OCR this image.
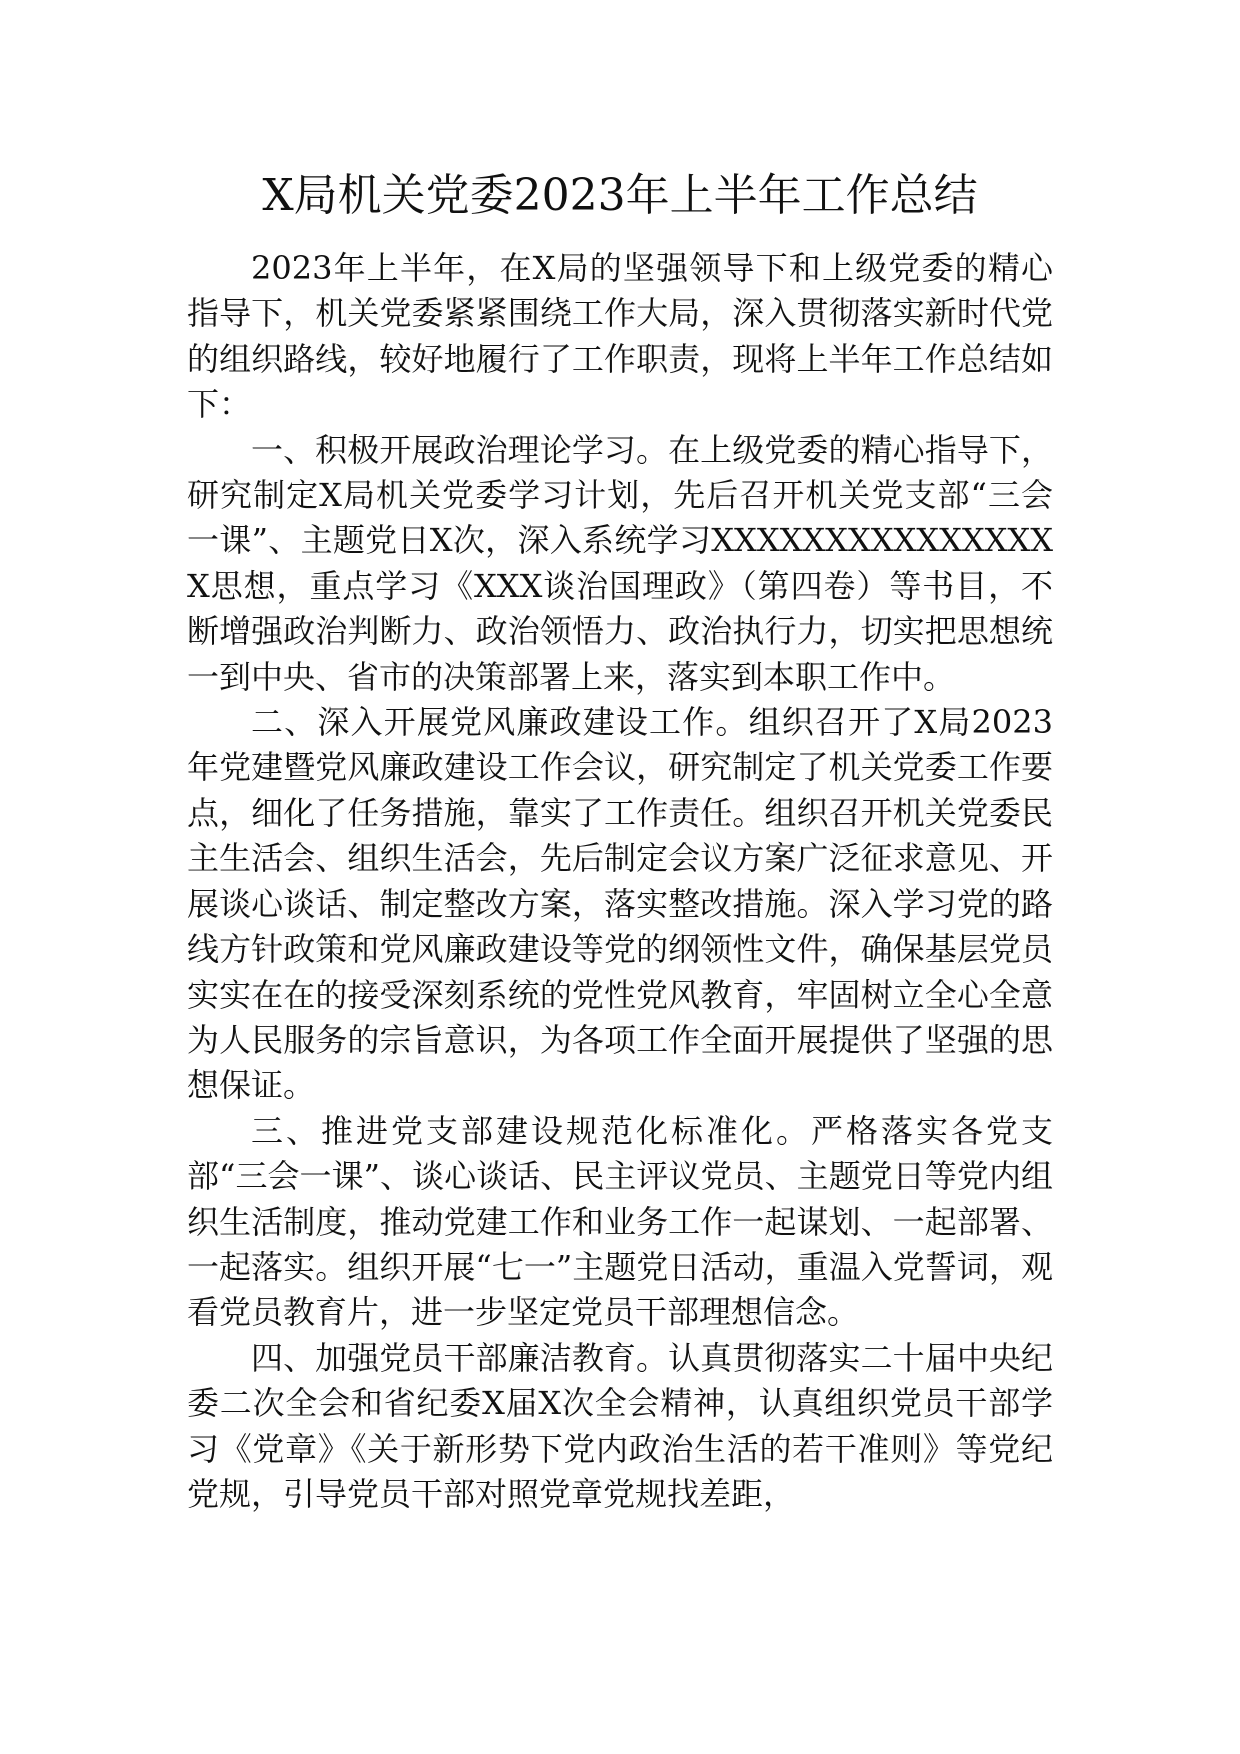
X局机关党委2023年上半年工作总结

2023年上半年，在X局的坚强领导下和上级党委的精心指导下，机关党委紧紧围绕工作大局，深入贯彻落实新时代党的组织路线，较好地履行了工作职责，现将上半年工作总结如下：

一、积极开展政治理论学习。在上级党委的精心指导下，研究制定X局机关党委学习计划，先后召开机关党支部“三会一课”、主题党日X次，深入系统学习XXXXXXXXXXXXXXXX思想，重点学习《XXX谈治国理政》（第四卷）等书目，不断增强政治判断力、政治领悟力、政治执行力，切实把思想统一到中央、省市的决策部署上来，落实到本职工作中。

二、深入开展党风廉政建设工作。组织召开了X局2023年党建暨党风廉政建设工作会议，研究制定了机关党委工作要点，细化了任务措施，靠实了工作责任。组织召开机关党委民主生活会、组织生活会，先后制定会议方案广泛征求意见、开展谈心谈话、制定整改方案，落实整改措施。深入学习党的路线方针政策和党风廉政建设等党的纲领性文件，确保基层党员实实在在的接受深刻系统的党性党风教育，牢固树立全心全意为人民服务的宗旨意识，为各项工作全面开展提供了坚强的思想保证。

三、推进党支部建设规范化标准化。严格落实各党支部“三会一课”、谈心谈话、民主评议党员、主题党日等党内组织生活制度，推动党建工作和业务工作一起谋划、一起部署、一起落实。组织开展“七一”主题党日活动，重温入党誓词，观看党员教育片，进一步坚定党员干部理想信念。

四、加强党员干部廉洁教育。认真贯彻落实二十届中央纪委二次全会和省纪委X届X次全会精神，认真组织党员干部学习《党章》《关于新形势下党内政治生活的若干准则》等党纪党规，引导党员干部对照党章党规找差距，
